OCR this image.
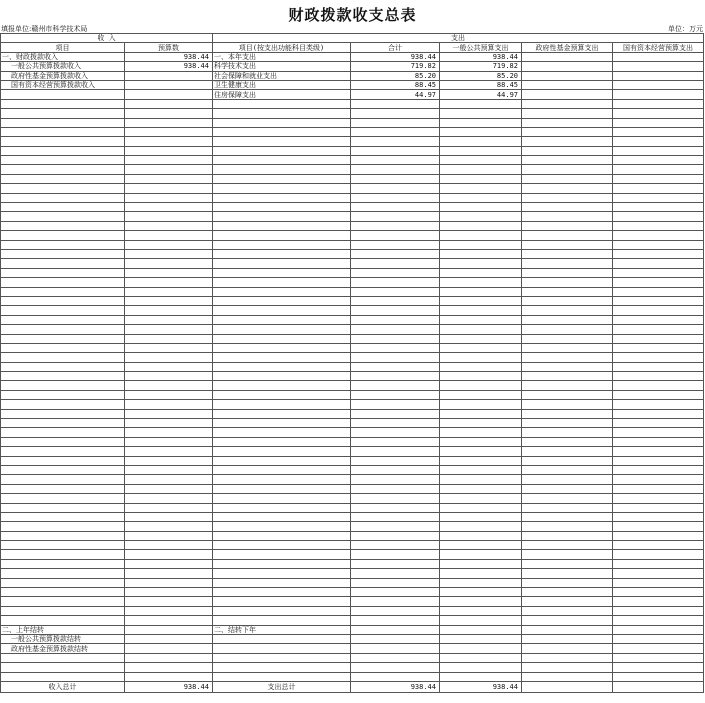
财政拨款收支总表
填报单位:赣州市科学技术局	单位：万元
收 入		支出				
项目	预算数	项目(按支出功能科目类级)	合计	一般公共预算支出	政府性基金预算支出	国有资本经营预算支出
一、财政拨款收入	938.44	一、本年支出	938.44	938.44		
一般公共预算拨款收入	938.44	科学技术支出	719.82	719.82		
政府性基金预算拨款收入		社会保障和就业支出	85.20	85.20		
国有资本经营预算拨款收入		卫生健康支出	88.45	88.45		
		住房保障支出	44.97	44.97		

二、上年结转		二、结转下年				
一般公共预算拨款结转						
政府性基金预算拨款结转						

收入总计	938.44	支出总计	938.44	938.44		
